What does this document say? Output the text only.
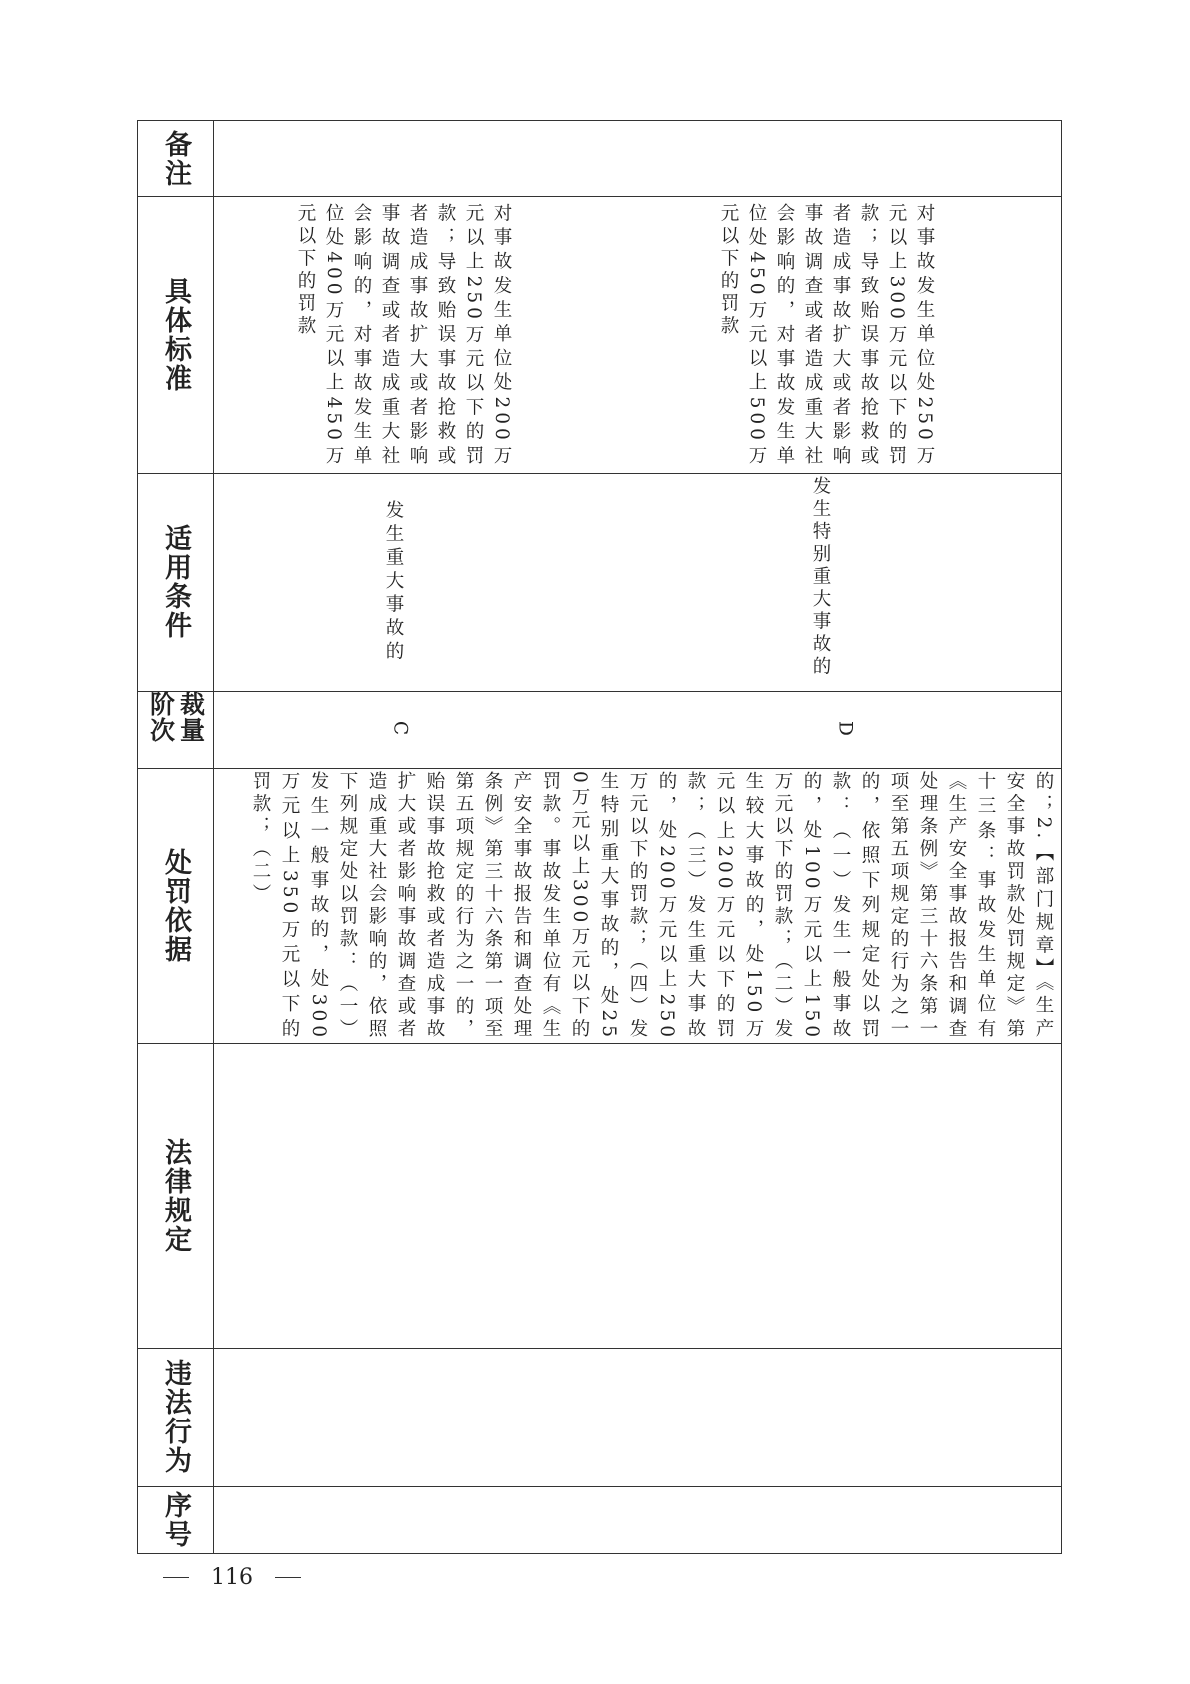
备注
具体标准
适用条件
裁量阶次
处罚依据
法律规定
违法行为
序号
的；2.【部门规章】《生产安全事故罚款处罚规定》第十三条：事故发生单位有《生产安全事故报告和调查处理条例》第三十六条第一项至第五项规定的行为之一的，依照下列规定处以罚款：（一）发生一般事故的，处100万元以上150万元以下的罚款；（二）发生较大事故的，处150万元以上200万元以下的罚款；（三）发生重大事故的，处200万元以上250万元以下的罚款；（四）发生特别重大事故的，处250万元以上300万元以下的罚款。事故发生单位有《生产安全事故报告和调查处理条例》第三十六条第一项至第五项规定的行为之一的，贻误事故抢救或者造成事故扩大或者影响事故调查或者造成重大社会影响的，依照下列规定处以罚款：（一）发生一般事故的，处300万元以上350万元以下的罚款；（二）
发生重大事故的
C
对事故发生单位处200万元以上250万元以下的罚款；导致贻误事故抢救或者造成事故扩大或者影响事故调查或者造成重大社会影响的，对事故发生单位处400万元以上450万元以下的罚款
发生特别重大事故的
D
对事故发生单位处250万元以上300万元以下的罚款；导致贻误事故抢救或者造成事故扩大或者影响事故调查或者造成重大社会影响的，对事故发生单位处450万元以上500万元以下的罚款
116
